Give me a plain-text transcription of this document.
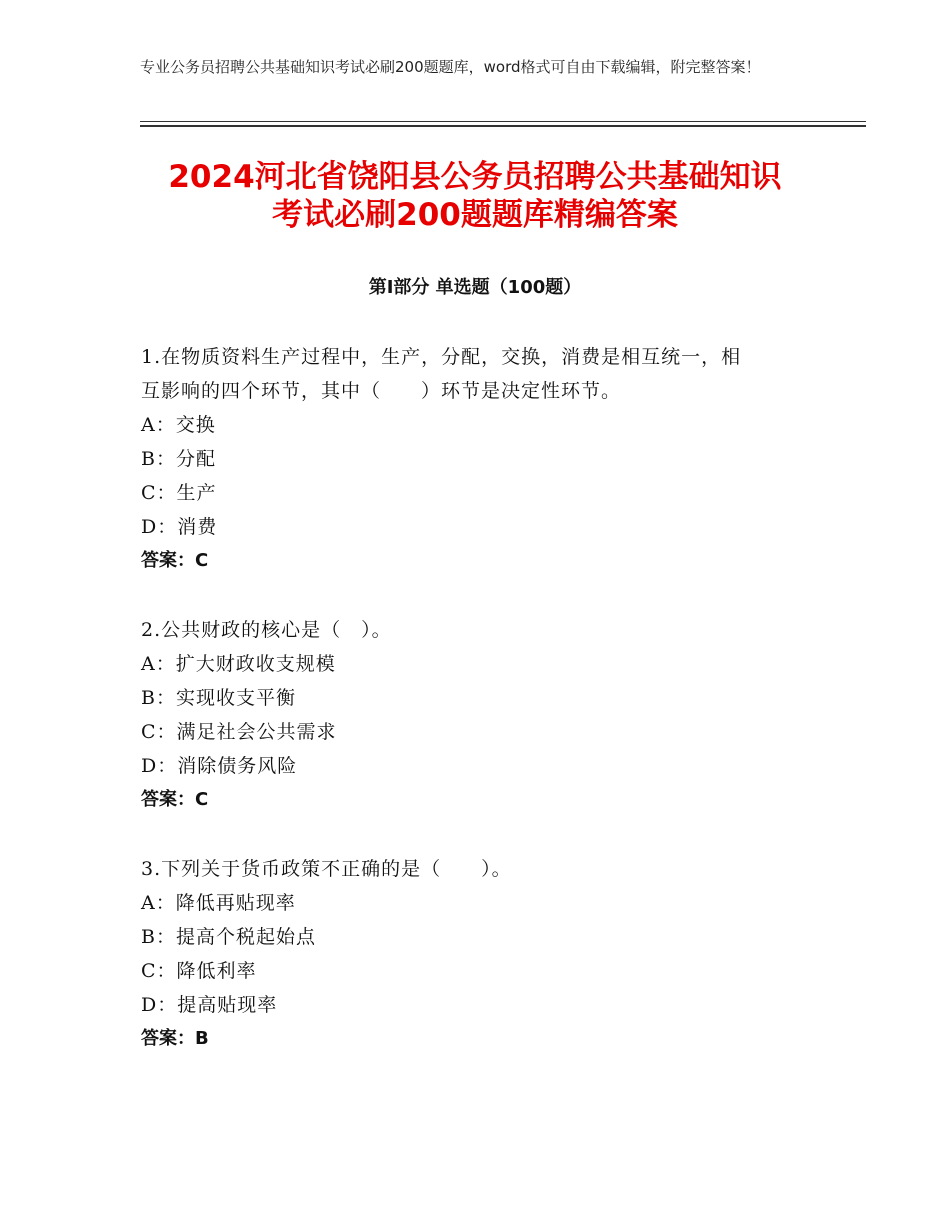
专业公务员招聘公共基础知识考试必刷200题题库，word格式可自由下载编辑，附完整答案！
2024河北省饶阳县公务员招聘公共基础知识
考试必刷200题题库精编答案
第Ⅰ部分 单选题（100题）
1.在物质资料生产过程中，生产，分配，交换，消费是相互统一，相
互影响的四个环节，其中（　　）环节是决定性环节。
A：交换
B：分配
C：生产
D：消费
答案：C
2.公共财政的核心是（　）。
A：扩大财政收支规模
B：实现收支平衡
C：满足社会公共需求
D：消除债务风险
答案：C
3.下列关于货币政策不正确的是（　　）。
A：降低再贴现率
B：提高个税起始点
C：降低利率
D：提高贴现率
答案：B
